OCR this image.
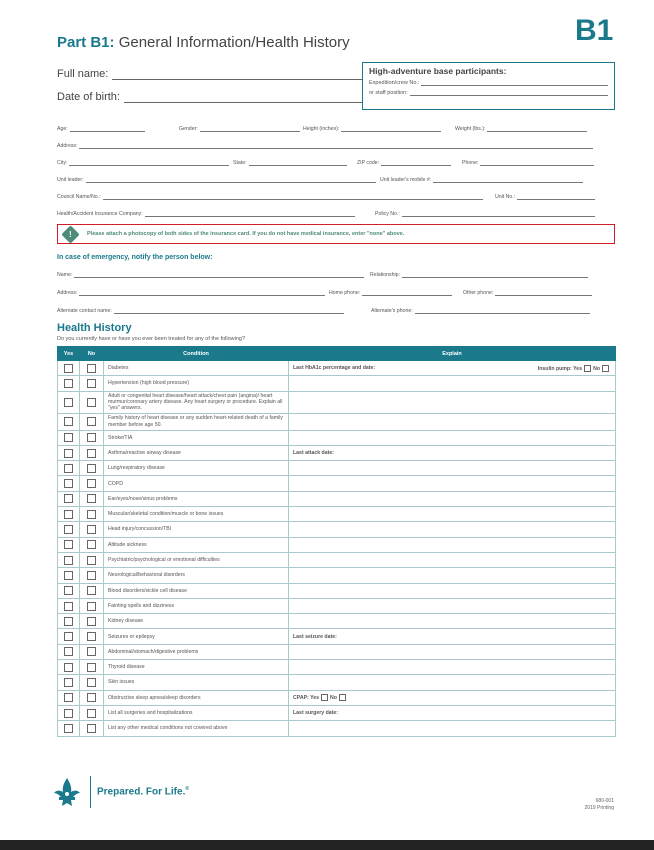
Part B1: General Information/Health History	B1
Full name:
Date of birth:
High-adventure base participants:
Expedition/crew No.:
or staff position:
Age:	Gender:	Height (inches):	Weight (lbs.):
Address:
City:	State:	ZIP code:	Phone:
Unit leader:	Unit leader's mobile #:
Council Name/No.:	Unit No.:
Health/Accident Insurance Company:	Policy No.:
!	Please attach a photocopy of both sides of the insurance card. If you do not have medical insurance, enter "none" above.
In case of emergency, notify the person below:
Name:	Relationship:
Address:	Home phone:	Other phone:
Alternate contact name:	Alternate's phone:
Health History
Do you currently have or have you ever been treated for any of the following?
Yes	No	Condition	Explain
		Diabetes	Last HbA1c percentage and date: Insulin pump: Yes No

		Hypertension (high blood pressure)	
		Adult or congenital heart disease/heart attack/chest pain (angina)/ heart murmur/coronary artery disease. Any heart surgery or procedure. Explain all "yes" answers.	
		Family history of heart disease or any sudden heart-related death of a family member before age 50.	
		Stroke/TIA	
		Asthma/reactive airway disease	Last attack date:
		Lung/respiratory disease	
		COPD	
		Ear/eyes/nose/sinus problems	
		Muscular/skeletal condition/muscle or bone issues	
		Head injury/concussion/TBI	
		Altitude sickness	
		Psychiatric/psychological or emotional difficulties	
		Neurological/behavioral disorders	
		Blood disorders/sickle cell disease	
		Fainting spells and dizziness	
		Kidney disease	
		Seizures or epilepsy	Last seizure date:
		Abdominal/stomach/digestive problems	
		Thyroid disease	
		Skin issues	
		Obstructive sleep apnea/sleep disorders	CPAP: Yes No
		List all surgeries and hospitalizations	Last surgery date:
		List any other medical conditions not covered above	
Prepared. For Life.®
680-001
2019 Printing
